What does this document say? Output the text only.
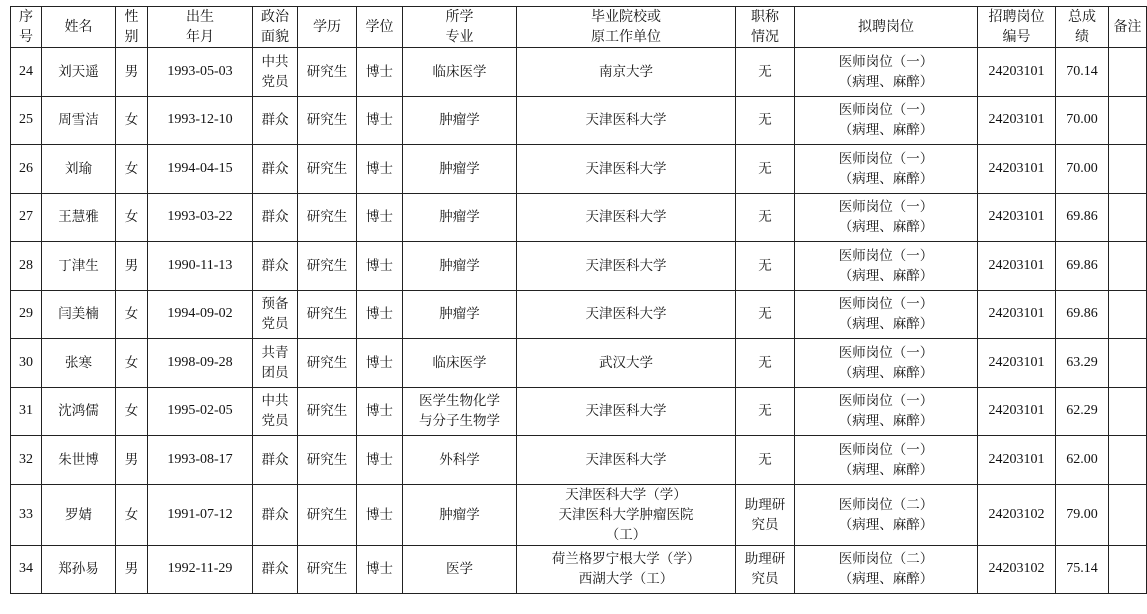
序
号	姓名	性
别	出生
年月	政治
面貌	学历	学位	所学
专业	毕业院校或
原工作单位	职称
情况	拟聘岗位	招聘岗位
编号	总成
绩	备注

24	刘天遥	男	1993-05-03	中共
党员	研究生	博士	临床医学	南京大学	无	医师岗位（一）
（病理、麻醉）	24203101	70.14	
25	周雪洁	女	1993-12-10	群众	研究生	博士	肿瘤学	天津医科大学	无	医师岗位（一）
（病理、麻醉）	24203101	70.00	
26	刘瑜	女	1994-04-15	群众	研究生	博士	肿瘤学	天津医科大学	无	医师岗位（一）
（病理、麻醉）	24203101	70.00	
27	王慧雅	女	1993-03-22	群众	研究生	博士	肿瘤学	天津医科大学	无	医师岗位（一）
（病理、麻醉）	24203101	69.86	
28	丁津生	男	1990-11-13	群众	研究生	博士	肿瘤学	天津医科大学	无	医师岗位（一）
（病理、麻醉）	24203101	69.86	
29	闫美楠	女	1994-09-02	预备
党员	研究生	博士	肿瘤学	天津医科大学	无	医师岗位（一）
（病理、麻醉）	24203101	69.86	
30	张寒	女	1998-09-28	共青
团员	研究生	博士	临床医学	武汉大学	无	医师岗位（一）
（病理、麻醉）	24203101	63.29	
31	沈鸿儒	女	1995-02-05	中共
党员	研究生	博士	医学生物化学
与分子生物学	天津医科大学	无	医师岗位（一）
（病理、麻醉）	24203101	62.29	
32	朱世博	男	1993-08-17	群众	研究生	博士	外科学	天津医科大学	无	医师岗位（一）
（病理、麻醉）	24203101	62.00	
33	罗婧	女	1991-07-12	群众	研究生	博士	肿瘤学	天津医科大学（学）
天津医科大学肿瘤医院
（工）	助理研
究员	医师岗位（二）
（病理、麻醉）	24203102	79.00	
34	郑孙易	男	1992-11-29	群众	研究生	博士	医学	荷兰格罗宁根大学（学）
西湖大学（工）	助理研
究员	医师岗位（二）
（病理、麻醉）	24203102	75.14	
